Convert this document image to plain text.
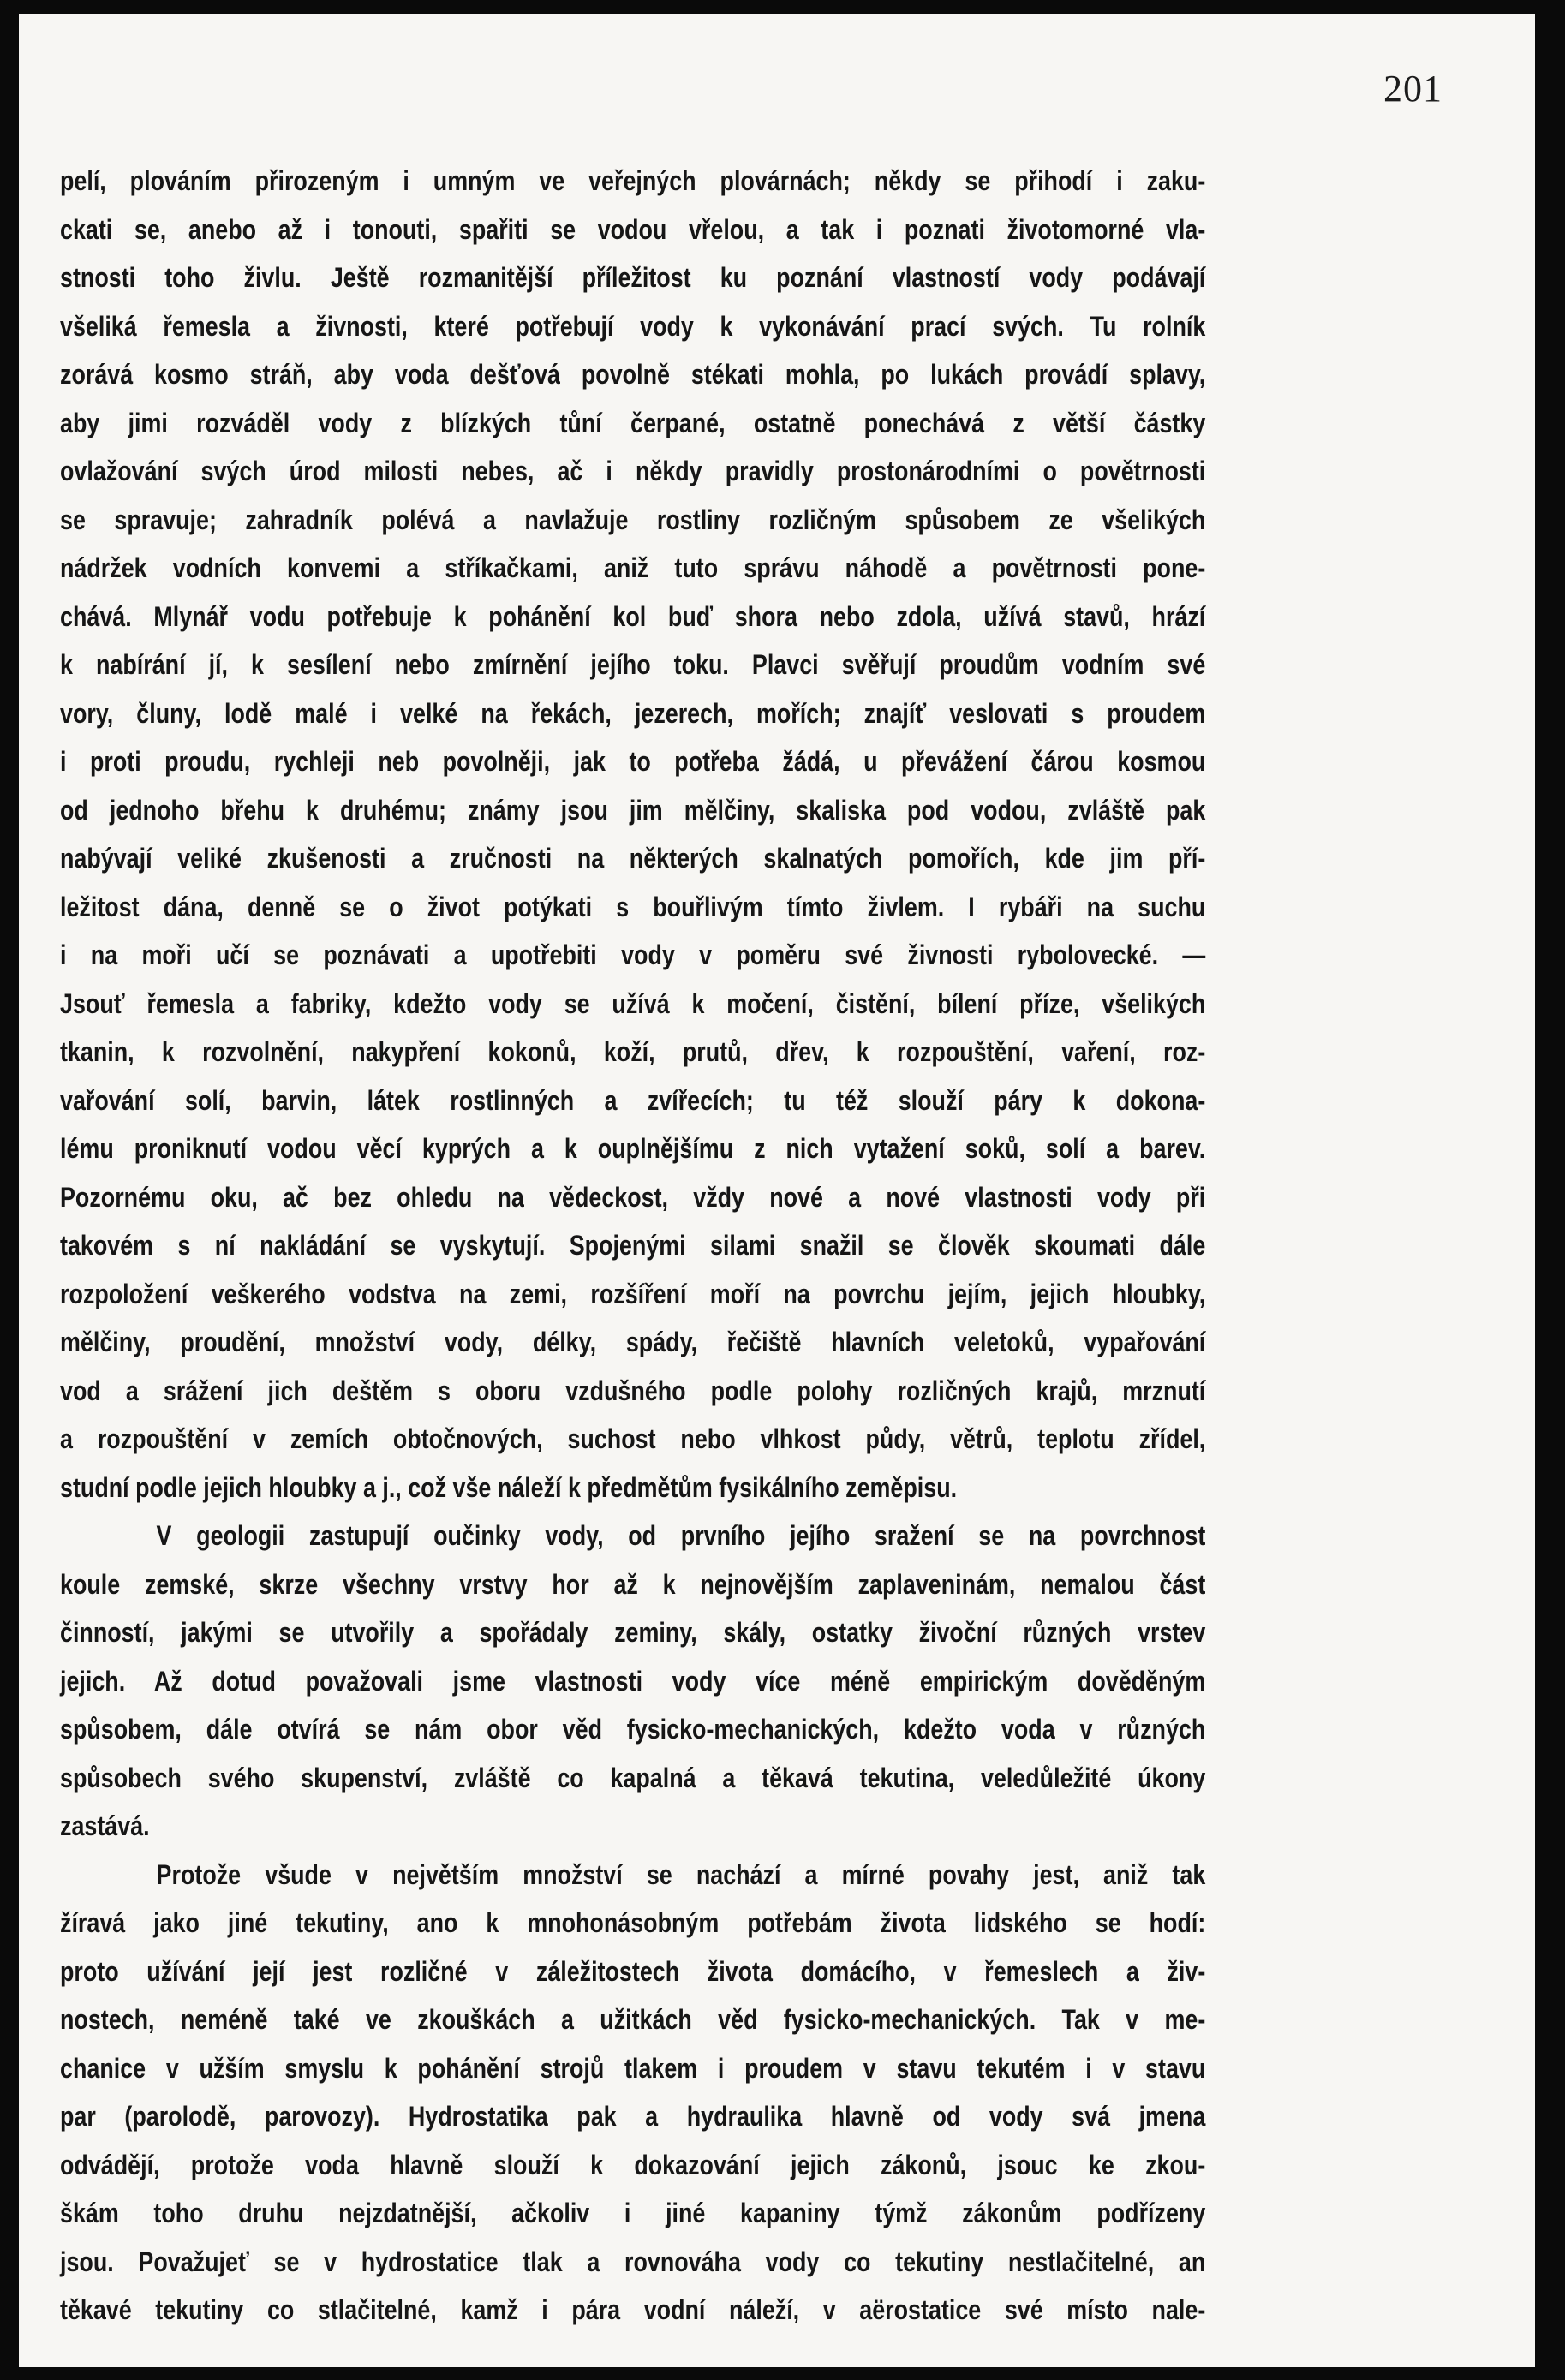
201
pelí, plováním přirozeným i umným ve veřejných plovárnách; někdy se přihodí i zaku-
ckati se, anebo až i tonouti, spařiti se vodou vřelou, a tak i poznati životomorné vla-
stnosti toho živlu. Ještě rozmanitější příležitost ku poznání vlastností vody podávají
všeliká řemesla a živnosti, které potřebují vody k vykonávání prací svých. Tu rolník
zorává kosmo stráň, aby voda dešťová povolně stékati mohla, po lukách provádí splavy,
aby jimi rozváděl vody z blízkých tůní čerpané, ostatně ponechává z větší částky
ovlažování svých úrod milosti nebes, ač i někdy pravidly prostonárodními o povětrnosti
se spravuje; zahradník polévá a navlažuje rostliny rozličným spůsobem ze všelikých
nádržek vodních konvemi a stříkačkami, aniž tuto správu náhodě a povětrnosti pone-
chává. Mlynář vodu potřebuje k pohánění kol buď shora nebo zdola, užívá stavů, hrází
k nabírání jí, k sesílení nebo zmírnění jejího toku. Plavci svěřují proudům vodním své
vory, čluny, lodě malé i velké na řekách, jezerech, mořích; znajíť veslovati s proudem
i proti proudu, rychleji neb povolněji, jak to potřeba žádá, u převážení čárou kosmou
od jednoho břehu k druhému; známy jsou jim mělčiny, skaliska pod vodou, zvláště pak
nabývají veliké zkušenosti a zručnosti na některých skalnatých pomořích, kde jim pří-
ležitost dána, denně se o život potýkati s bouřlivým tímto živlem. I rybáři na suchu
i na moři učí se poznávati a upotřebiti vody v poměru své živnosti rybolovecké. —
Jsouť řemesla a fabriky, kdežto vody se užívá k močení, čistění, bílení příze, všelikých
tkanin, k rozvolnění, nakypření kokonů, koží, prutů, dřev, k rozpouštění, vaření, roz-
vařování solí, barvin, látek rostlinných a zvířecích; tu též slouží páry k dokona-
lému proniknutí vodou věcí kyprých a k ouplnějšímu z nich vytažení soků, solí a barev.
Pozornému oku, ač bez ohledu na vědeckost, vždy nové a nové vlastnosti vody při
takovém s ní nakládání se vyskytují. Spojenými silami snažil se člověk skoumati dále
rozpoložení veškerého vodstva na zemi, rozšíření moří na povrchu jejím, jejich hloubky,
mělčiny, proudění, množství vody, délky, spády, řečiště hlavních veletoků, vypařování
vod a srážení jich deštěm s oboru vzdušného podle polohy rozličných krajů, mrznutí
a rozpouštění v zemích obtočnových, suchost nebo vlhkost půdy, větrů, teplotu zřídel,
studní podle jejich hloubky a j., což vše náleží k předmětům fysikálního zeměpisu.
V geologii zastupují oučinky vody, od prvního jejího sražení se na povrchnost
koule zemské, skrze všechny vrstvy hor až k nejnovějším zaplaveninám, nemalou část
činností, jakými se utvořily a spořádaly zeminy, skály, ostatky živoční různých vrstev
jejich. Až dotud považovali jsme vlastnosti vody více méně empirickým dověděným
spůsobem, dále otvírá se nám obor věd fysicko-mechanických, kdežto voda v různých
spůsobech svého skupenství, zvláště co kapalná a těkavá tekutina, veledůležité úkony
zastává.
Protože všude v největším množství se nachází a mírné povahy jest, aniž tak
žíravá jako jiné tekutiny, ano k mnohonásobným potřebám života lidského se hodí:
proto užívání její jest rozličné v záležitostech života domácího, v řemeslech a živ-
nostech, neméně také ve zkouškách a užitkách věd fysicko-mechanických. Tak v me-
chanice v užším smyslu k pohánění strojů tlakem i proudem v stavu tekutém i v stavu
par (parolodě, parovozy). Hydrostatika pak a hydraulika hlavně od vody svá jmena
odvádějí, protože voda hlavně slouží k dokazování jejich zákonů, jsouc ke zkou-
škám toho druhu nejzdatnější, ačkoliv i jiné kapaniny týmž zákonům podřízeny
jsou. Považujeť se v hydrostatice tlak a rovnováha vody co tekutiny nestlačitelné, an
těkavé tekutiny co stlačitelné, kamž i pára vodní náleží, v aërostatice své místo nale-
